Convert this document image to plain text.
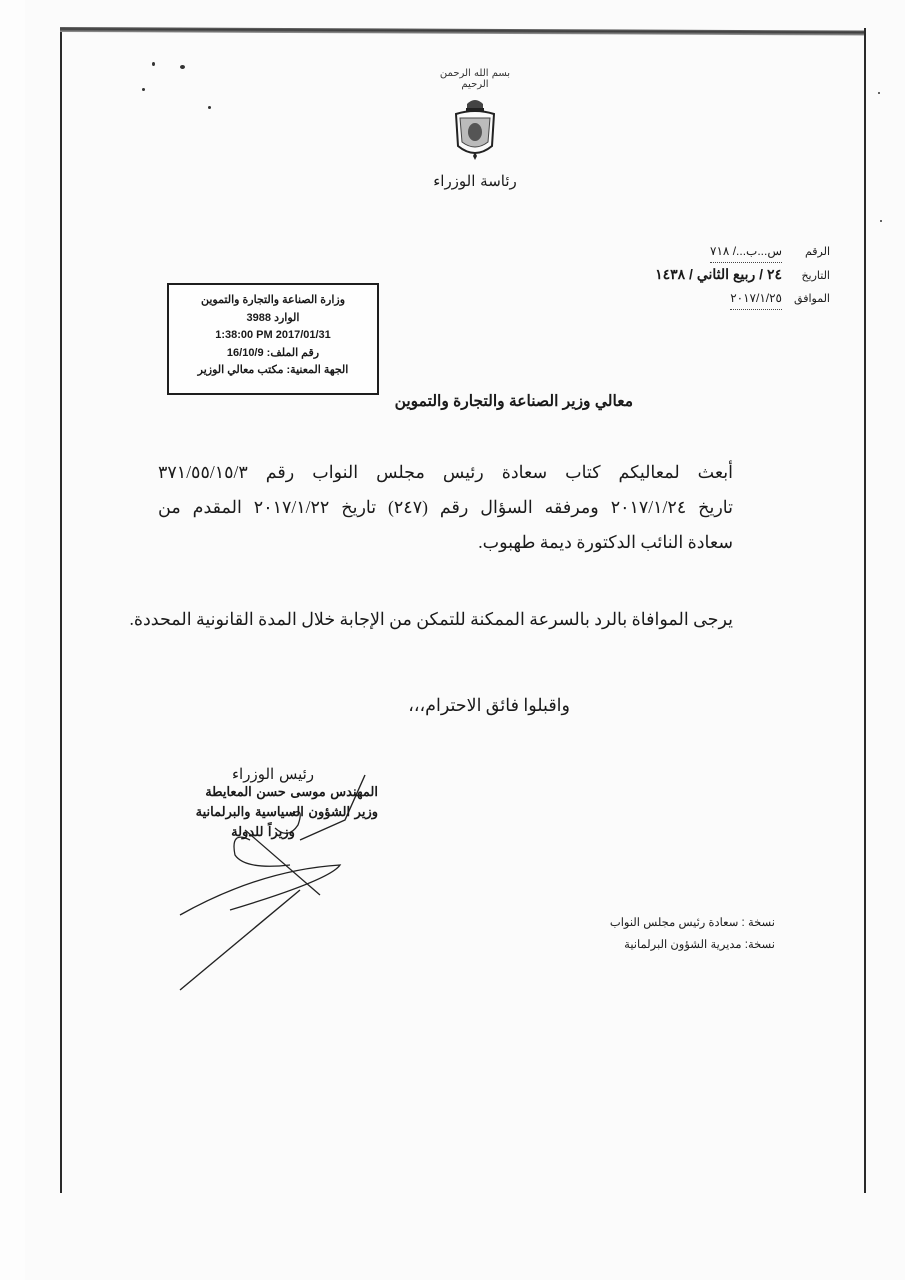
بسم الله الرحمن الرحيم
رئاسة الوزراء
الرقم
س...ب.../ ٧١٨
التاريخ
٢٤ / ربيع الثاني / ١٤٣٨
الموافق
٢٠١٧/١/٢٥
وزارة الصناعة والتجارة والتموين
الوارد 3988
1:38:00 PM 2017/01/31
رقم الملف: 16/10/9
الجهة المعنية: مكتب معالي الوزير
معالي وزير الصناعة والتجارة والتموين
أبعث لمعاليكم كتاب سعادة رئيس مجلس النواب رقم ٣٧١/٥٥/١٥/٣
تاريخ ٢٠١٧/١/٢٤ ومرفقه السؤال رقم (٢٤٧) تاريخ ٢٠١٧/١/٢٢ المقدم من
سعادة النائب الدكتورة ديمة طهبوب.
يرجى الموافاة بالرد بالسرعة الممكنة للتمكن من الإجابة خلال المدة القانونية المحددة.
واقبلوا فائق الاحترام،،،
رئيس الوزراء
المهندس موسى حسن المعايطة
وزير الشؤون السياسية والبرلمانية
وزيراً للدولة
نسخة : سعادة رئيس مجلس النواب
نسخة: مديرية الشؤون البرلمانية
